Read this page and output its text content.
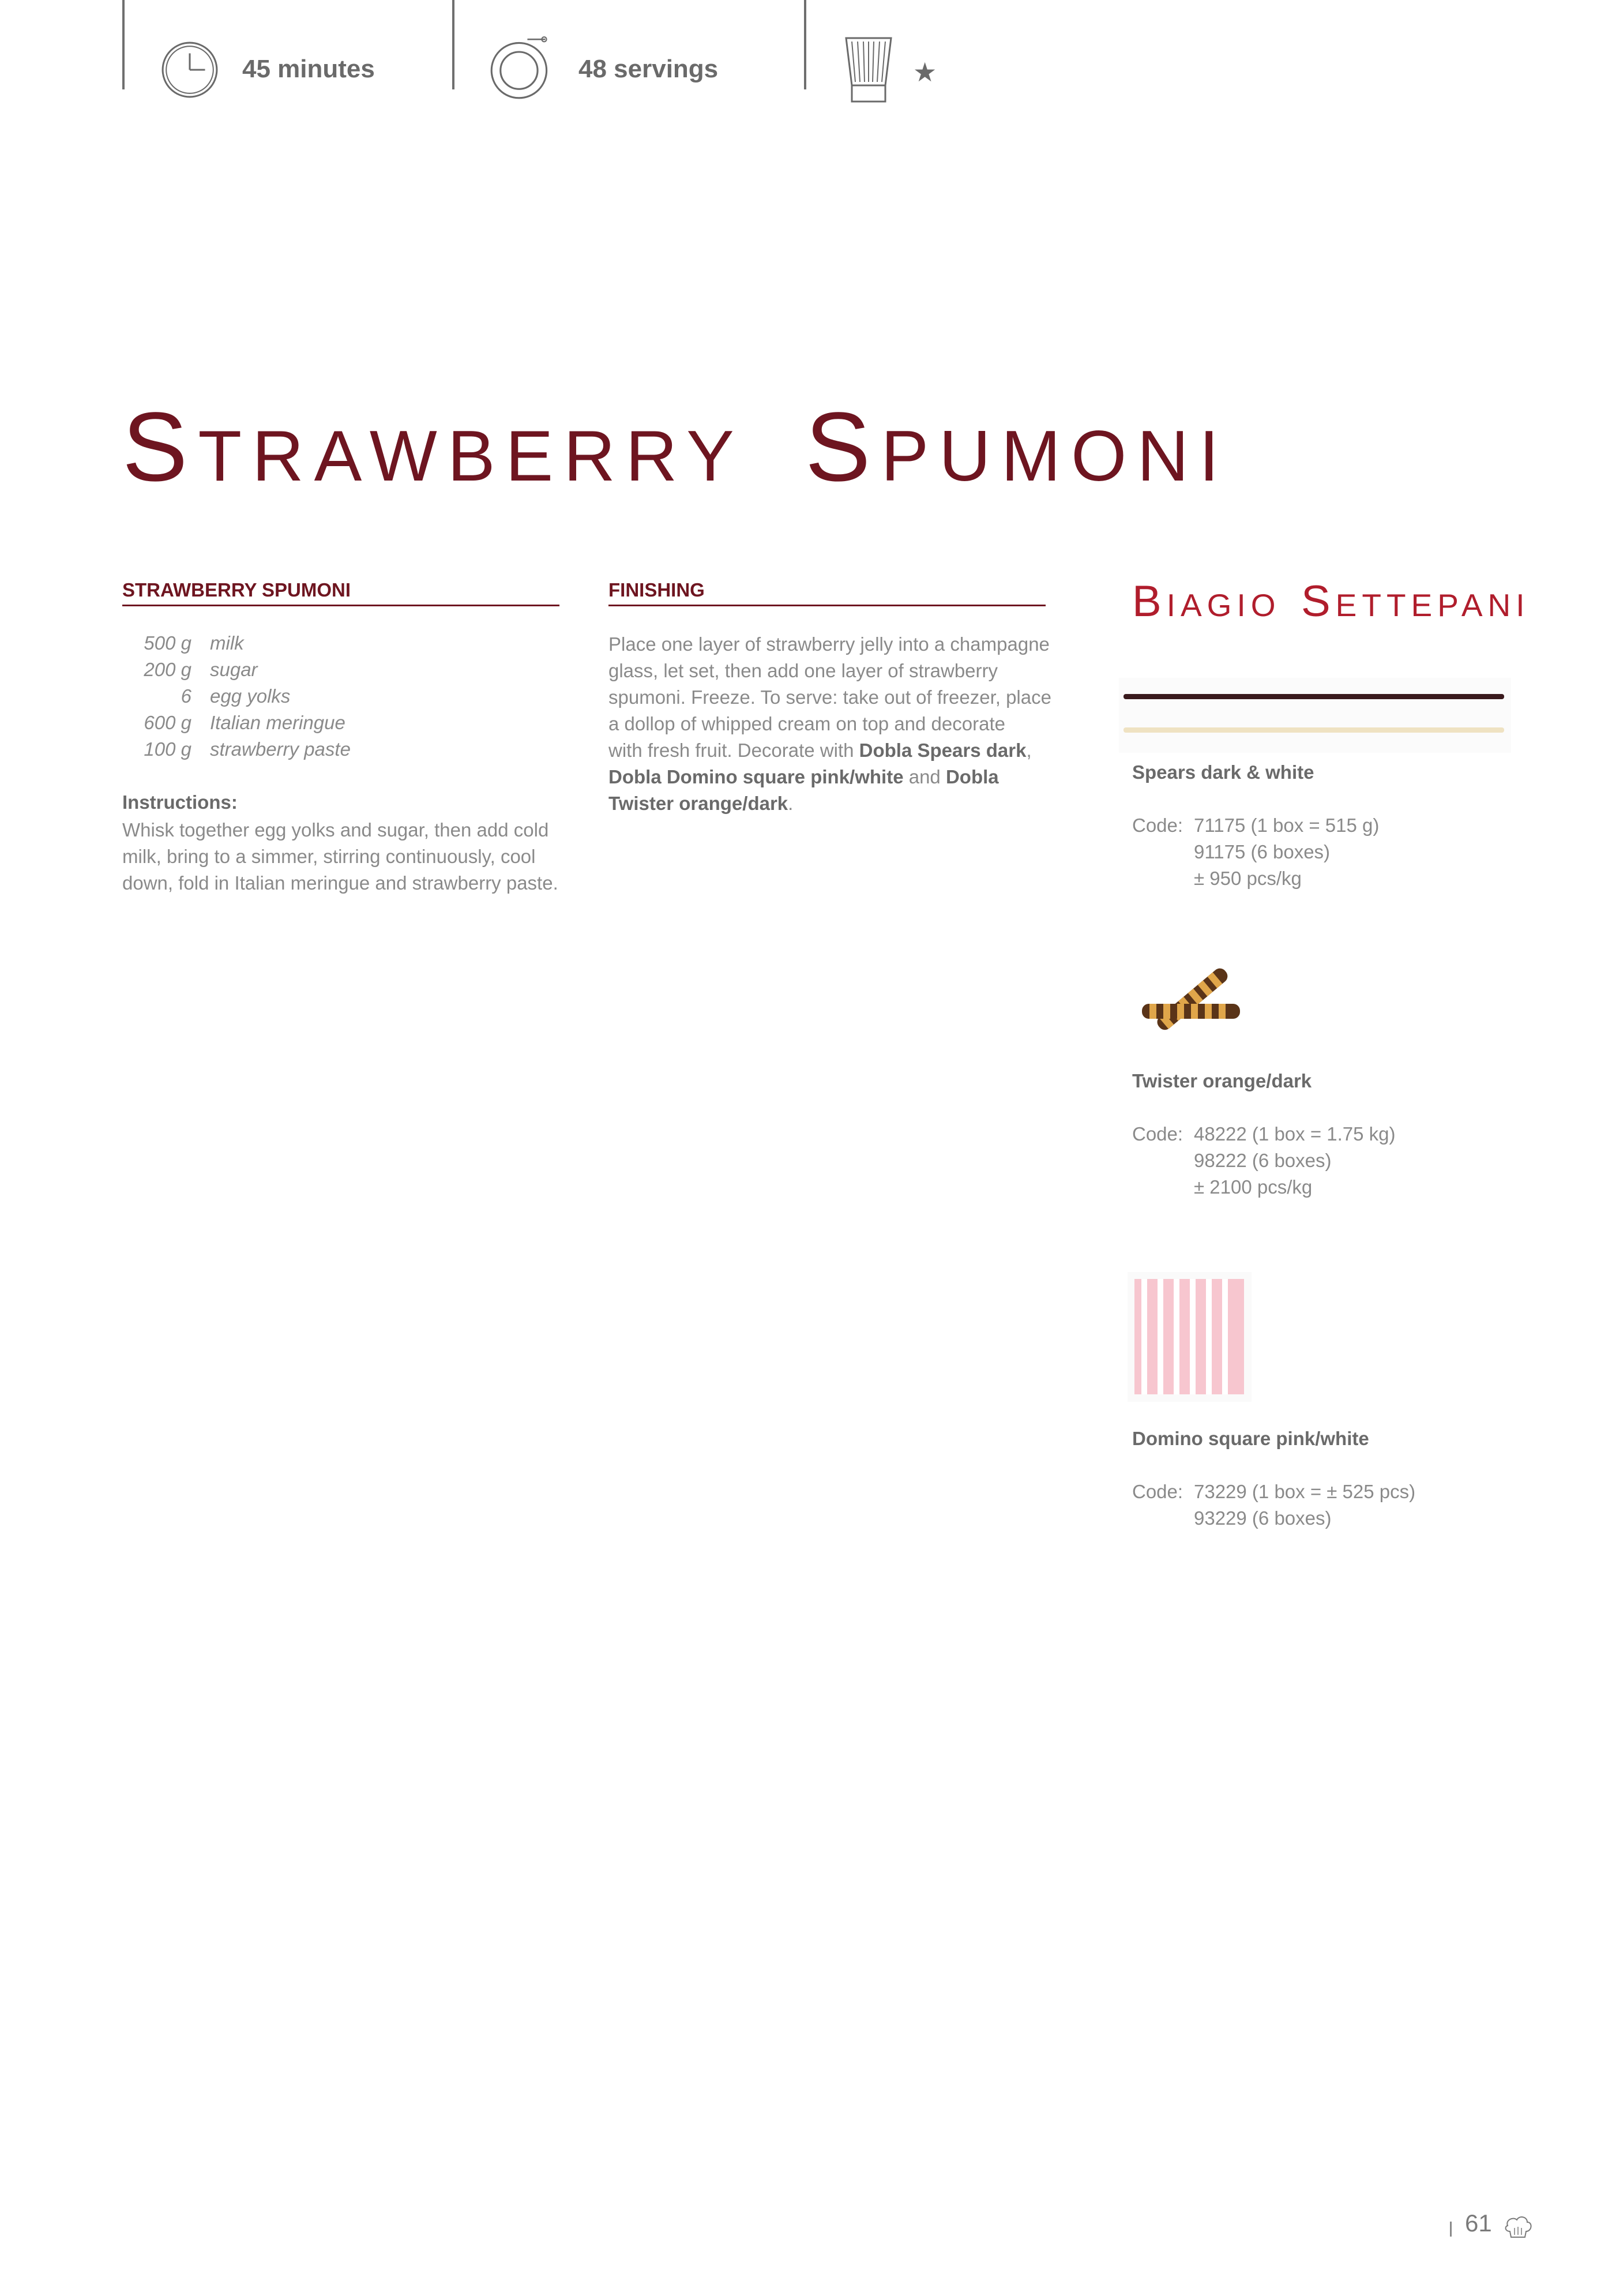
45 minutes	48 servings	★
STRAWBERRY SPUMONI
STRAWBERRY SPUMONI
500 g milk
200 g sugar
6 egg yolks
600 g Italian meringue
100 g strawberry paste
Instructions:
Whisk together egg yolks and sugar, then add cold
milk, bring to a simmer, stirring continuously, cool
down, fold in Italian meringue and strawberry paste.
FINISHING
Place one layer of strawberry jelly into a champagne
glass, let set, then add one layer of strawberry
spumoni. Freeze. To serve: take out of freezer, place
a dollop of whipped cream on top and decorate
with fresh fruit. Decorate with Dobla Spears dark,
Dobla Domino square pink/white and Dobla
Twister orange/dark.
BIAGIO SETTEPANI
Spears dark & white
Code: 71175 (1 box = 515 g)
91175 (6 boxes)
± 950 pcs/kg
Twister orange/dark
Code: 48222 (1 box = 1.75 kg)
98222 (6 boxes)
± 2100 pcs/kg
Domino square pink/white
Code: 73229 (1 box = ± 525 pcs)
93229 (6 boxes)
61
